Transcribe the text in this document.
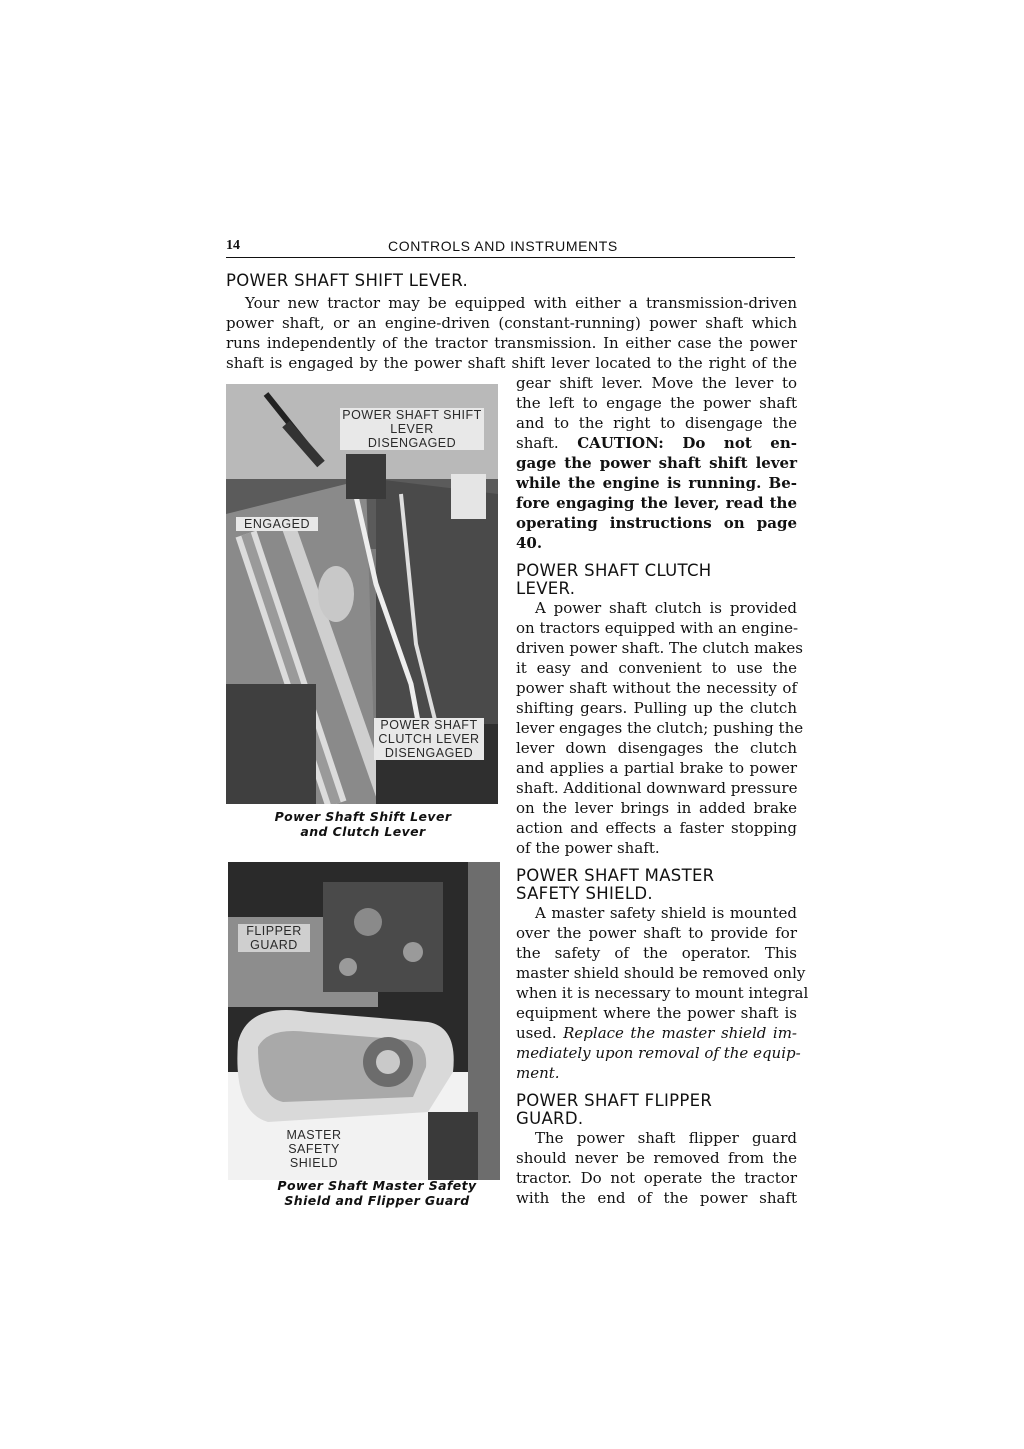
14	CONTROLS AND INSTRUMENTS
POWER SHAFT SHIFT LEVER.
Your new tractor may be equipped with either a transmission-driven
power shaft, or an engine-driven (constant-running) power shaft which
runs independently of the tractor transmission. In either case the power
shaft is engaged by the power shaft shift lever located to the right of the
gear shift lever. Move the lever to
the left to engage the power shaft
and to the right to disengage the
shaft. CAUTION: Do not en-
gage the power shaft shift lever
while the engine is running. Be-
fore engaging the lever, read the
operating instructions on page
40.
POWER SHAFT CLUTCH
LEVER.
A power shaft clutch is provided
on tractors equipped with an engine-
driven power shaft. The clutch makes
it easy and convenient to use the
power shaft without the necessity of
shifting gears. Pulling up the clutch
lever engages the clutch; pushing the
lever down disengages the clutch
and applies a partial brake to power
shaft. Additional downward pressure
on the lever brings in added brake
action and effects a faster stopping
of the power shaft.
POWER SHAFT MASTER
SAFETY SHIELD.
A master safety shield is mounted
over the power shaft to provide for
the safety of the operator. This
master shield should be removed only
when it is necessary to mount integral
equipment where the power shaft is
used. Replace the master shield im-
mediately upon removal of the equip-
ment.
POWER SHAFT FLIPPER
GUARD.
The power shaft flipper guard
should never be removed from the
tractor. Do not operate the tractor
with the end of the power shaft
POWER SHAFT SHIFT
LEVER
DISENGAGED
ENGAGED
POWER SHAFT
CLUTCH LEVER
DISENGAGED
Power Shaft Shift Lever
and Clutch Lever
FLIPPER
GUARD
MASTER
SAFETY
SHIELD
Power Shaft Master Safety
Shield and Flipper Guard
